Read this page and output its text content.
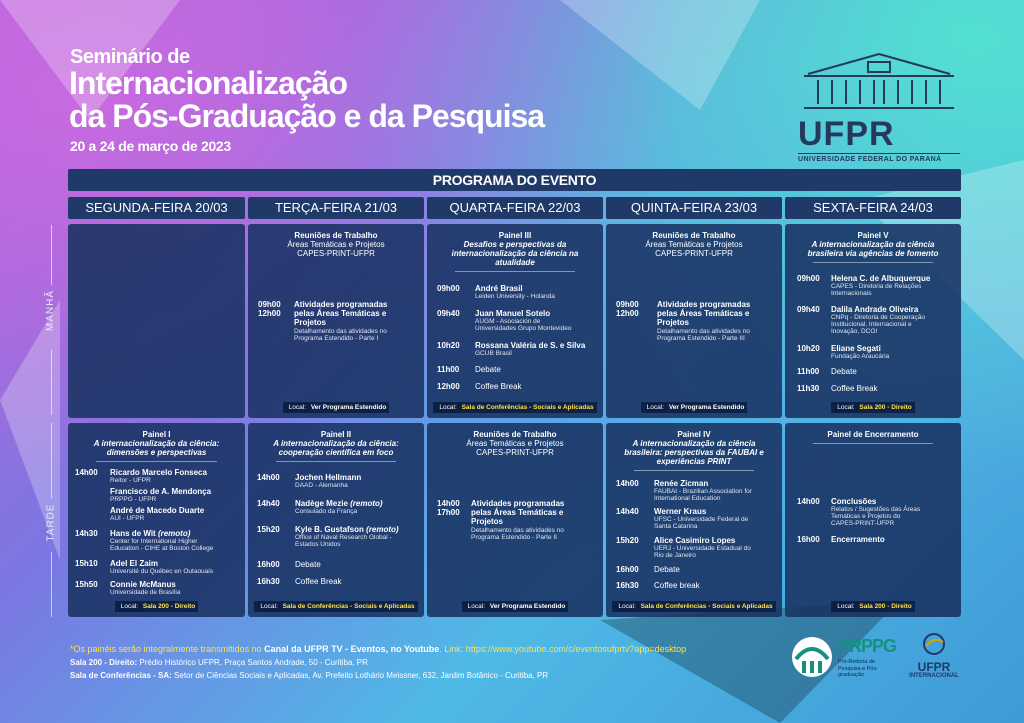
Seminário de
Internacionalização
da Pós-Graduação e da Pesquisa
20 a 24 de março de 2023	UFPR
UNIVERSIDADE FEDERAL DO PARANÁ
PROGRAMA DO EVENTO
SEGUNDA-FEIRA 20/03	TERÇA-FEIRA 21/03	QUARTA-FEIRA 22/03	QUINTA-FEIRA 23/03	SEXTA-FEIRA 24/03
MANHÃ
TARDE
Reuniões de Trabalho
Áreas Temáticas e Projetos
CAPES-PRINT-UFPR
09h00
12h00
Atividades programadas
pelas Áreas Temáticas e
Projetos
Detalhamento das atividades no
Programa Estendido - Parte I
Local: Ver Programa Estendido
Painel III
Desafios e perspectivas da
internacionalização da ciência na
atualidade
09h00 André Brasil
Leiden University - Holanda
09h40 Juan Manuel Sotelo
AUGM - Asociación de
Universidades Grupo Montevideo
10h20 Rossana Valéria de S. e Silva
GCUB Brasil
11h00 Debate
12h00 Coffee Break
Local: Sala de Conferências - Sociais e Aplicadas
Reuniões de Trabalho
Áreas Temáticas e Projetos
CAPES-PRINT-UFPR
09h00
12h00
Atividades programadas
pelas Áreas Temáticas e
Projetos
Detalhamento das atividades no
Programa Estendido - Parte III
Local: Ver Programa Estendido
Painel V
A internacionalização da ciência
brasileira via agências de fomento
09h00 Helena C. de Albuquerque
CAPES - Diretoria de Relações
Internacionais
09h40 Dalila Andrade Oliveira
CNPq - Diretoria de Cooperação
Institucional, Internacional e
Inovação, DCOI
10h20 Eliane Segati
Fundação Araucária
11h00 Debate
11h30 Coffee Break
Local: Sala 200 - Direito
Painel I
A internacionalização da ciência:
dimensões e perspectivas
14h00 Ricardo Marcelo Fonseca
Reitor - UFPR
Francisco de A. Mendonça
PRPPG - UFPR
André de Macedo Duarte
AUI - UFPR
14h30 Hans de Wit (remoto)
Center for International Higher
Education - CIHE at Boston College
15h10 Adel El Zaim
Université du Québec en Outaouais
15h50 Connie McManus
Universidade de Brasília
Local: Sala 200 - Direito
Painel II
A internacionalização da ciência:
cooperação científica em foco
14h00 Jochen Hellmann
DAAD - Alemanha
14h40 Nadège Mezie (remoto)
Consulado da França
15h20 Kyle B. Gustafson (remoto)
Office of Naval Research Global -
Estados Unidos
16h00 Debate
16h30 Coffee Break
Local: Sala de Conferências - Sociais e Aplicadas
Reuniões de Trabalho
Áreas Temáticas e Projetos
CAPES-PRINT-UFPR
14h00
17h00
Atividades programadas
pelas Áreas Temáticas e
Projetos
Detalhamento das atividades no
Programa Estendido - Parte II
Local: Ver Programa Estendido
Painel IV
A internacionalização da ciência
brasileira: perspectivas da FAUBAI e
experiências PRINT
14h00 Renée Zicman
FAUBAI - Brazilian Association for
International Education
14h40 Werner Kraus
UFSC - Universidade Federal de
Santa Catarina
15h20 Alice Casimiro Lopes
UERJ - Universidade Estadual do
Rio de Janeiro
16h00 Debate
16h30 Coffee break
Local: Sala de Conferências - Sociais e Aplicadas
Painel de Encerramento
14h00 Conclusões
Relatos / Sugestões das Áreas
Temáticas e Projetos do
CAPES-PRINT-UFPR
16h00 Encerramento
Local: Sala 200 - Direito
*Os painéis serão integralmente transmitidos no Canal da UFPR TV - Eventos, no Youtube. Link: https://www.youtube.com/c/eventosufprtv?app=desktop
Sala 200 - Direito: Prédio Histórico UFPR, Praça Santos Andrade, 50 - Curitiba, PR
Sala de Conferências - SA: Setor de Ciências Sociais e Aplicadas, Av. Prefeito Lothário Meissner, 632, Jardim Botânico - Curitiba, PR
PRPPG
Pró-Reitoria de
Pesquisa e Pós-graduação
UFPR
INTERNACIONAL
